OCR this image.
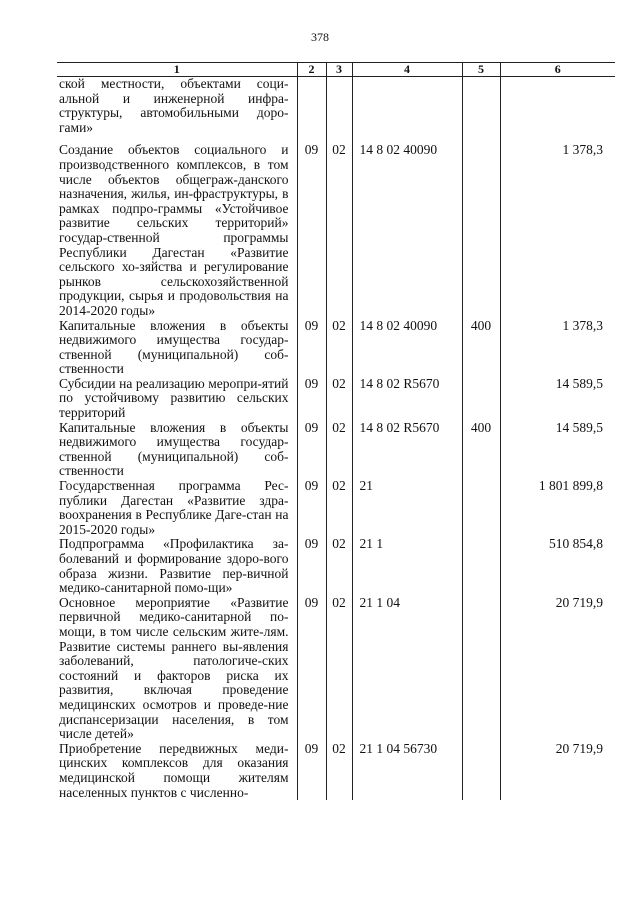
378
1	2	3	4	5	6
ской местности, объектами соци-альной и инженерной инфра-структуры, автомобильными доро-гами»					
Создание объектов социального и производственного комплексов, в том числе объектов общеграж-данского назначения, жилья, ин-фраструктуры, в рамках подпро-граммы «Устойчивое развитие сельских территорий» государ-ственной программы Республики Дагестан «Развитие сельского хо-зяйства и регулирование рынков сельскохозяйственной продукции, сырья и продовольствия на 2014-2020 годы»	09	02	14 8 02 40090		1 378,3
Капитальные вложения в объекты недвижимого имущества государ-ственной (муниципальной) соб-ственности	09	02	14 8 02 40090	400	1 378,3
Субсидии на реализацию меропри-ятий по устойчивому развитию сельских территорий	09	02	14 8 02 R5670		14 589,5
Капитальные вложения в объекты недвижимого имущества государ-ственной (муниципальной) соб-ственности	09	02	14 8 02 R5670	400	14 589,5
Государственная программа Рес-публики Дагестан «Развитие здра-воохранения в Республике Даге-стан на 2015-2020 годы»	09	02	21		1 801 899,8
Подпрограмма «Профилактика за-болеваний и формирование здоро-вого образа жизни. Развитие пер-вичной медико-санитарной помо-щи»	09	02	21 1		510 854,8
Основное мероприятие «Развитие первичной медико-санитарной по-мощи, в том числе сельским жите-лям. Развитие системы раннего вы-явления заболеваний, патологиче-ских состояний и факторов риска их развития, включая проведение медицинских осмотров и проведе-ние диспансеризации населения, в том числе детей»	09	02	21 1 04		20 719,9
Приобретение передвижных меди-цинских комплексов для оказания медицинской помощи жителям населенных пунктов с численно-	09	02	21 1 04 56730		20 719,9
